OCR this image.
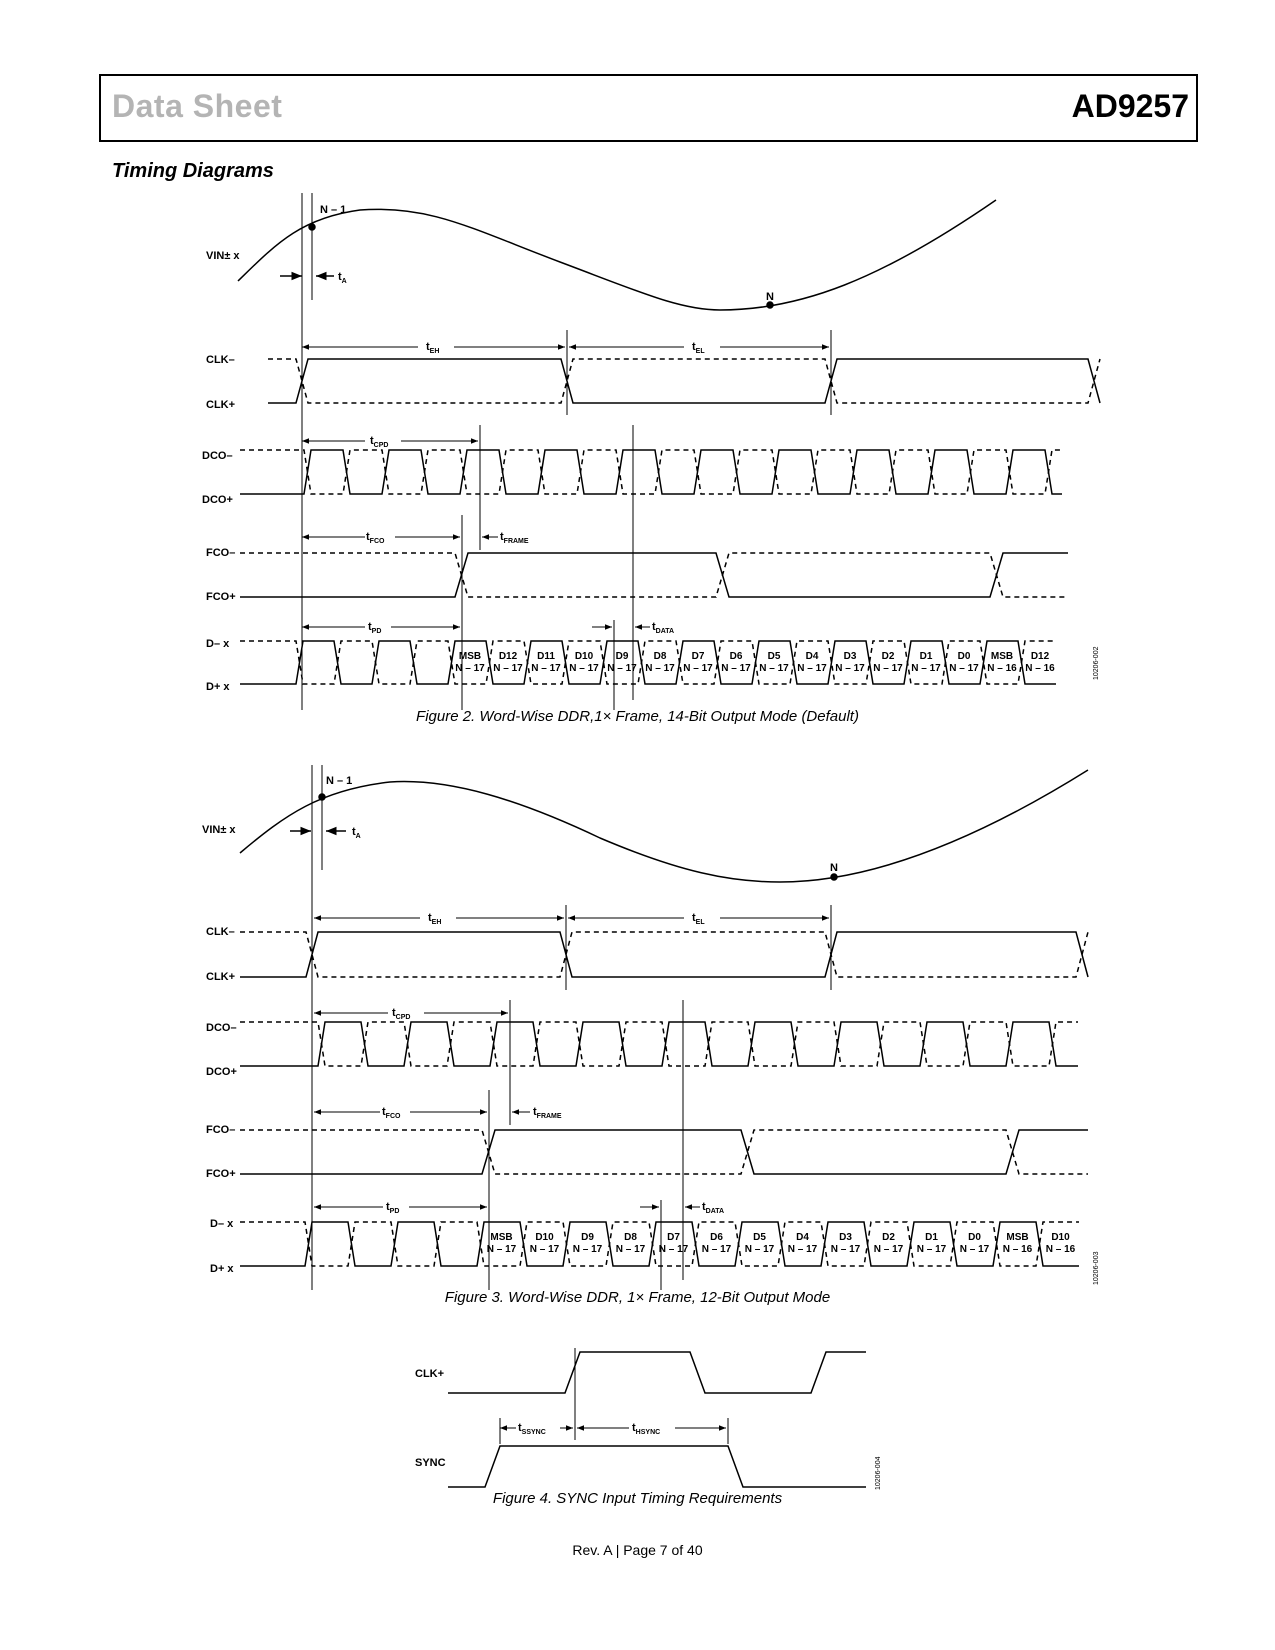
Data Sheet	AD9257
Timing Diagrams
N – 1
N
VIN± x
$t_A$
CLK–
CLK+
$t_{EH}$	$t_{EL}$
DCO–
DCO+
$t_{CPD}$
FCO–
FCO+
$t_{FCO}$	$t_{FRAME}$
D– x
D+ x
MSB
N – 17
D12
N – 17
D11
N – 17
D10
N – 17
D9
N – 17
D8
N – 17
D7
N – 17
D6
N – 17
D5
N – 17
D4
N – 17
D3
N – 17
D2
N – 17
D1
N – 17
D0
N – 17
MSB
N – 16
D12
N – 16
$t_{PD}$	$t_{DATA}$
10206-002
N – 1
N
VIN± x	$t_A$
CLK–
CLK+
$t_{EH}$	$t_{EL}$
DCO–
DCO+
$t_{CPD}$
FCO–
FCO+
$t_{FCO}$	$t_{FRAME}$
D– x
D+ x
MSB
N – 17
D10
N – 17
D9
N – 17
D8
N – 17
D7
N – 17
D6
N – 17
D5
N – 17
D4
N – 17
D3
N – 17
D2
N – 17
D1
N – 17
D0
N – 17
MSB
N – 16
D10
N – 16
$t_{PD}$	$t_{DATA}$
10206-003
CLK+
SYNC
$t_{SSYNC}$	$t_{HSYNC}$
10206-004
Figure 2. Word-Wise DDR,1× Frame, 14-Bit Output Mode (Default)
Figure 3. Word-Wise DDR, 1× Frame, 12-Bit Output Mode
Figure 4. SYNC Input Timing Requirements
Rev. A | Page 7 of 40
